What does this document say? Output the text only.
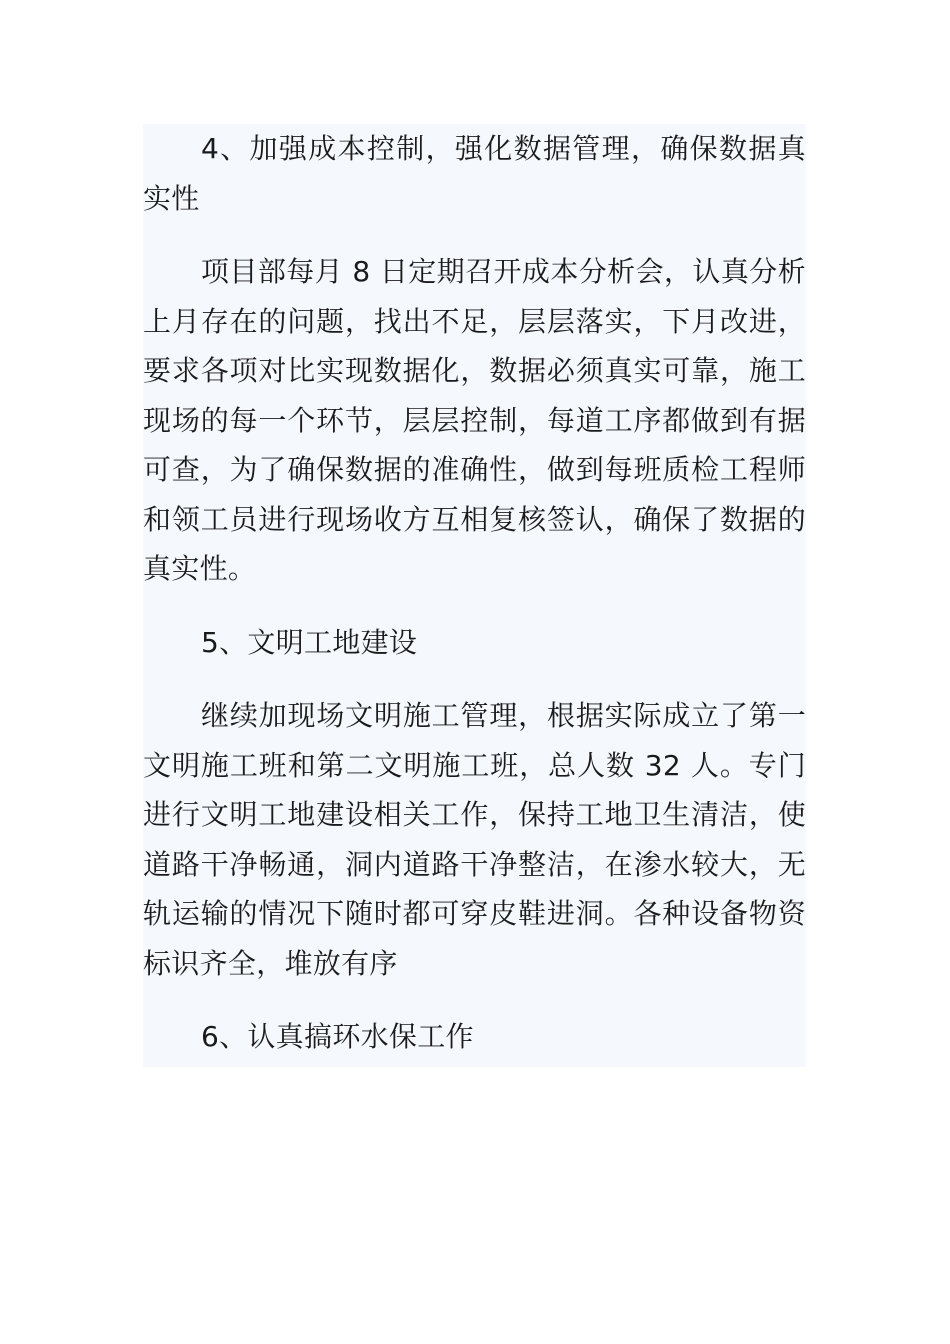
4、加强成本控制，强化数据管理，确保数据真实性

项目部每月 8 日定期召开成本分析会，认真分析上月存在的问题，找出不足，层层落实，下月改进，要求各项对比实现数据化，数据必须真实可靠，施工现场的每一个环节，层层控制，每道工序都做到有据可查，为了确保数据的准确性，做到每班质检工程师和领工员进行现场收方互相复核签认，确保了数据的真实性。

5、文明工地建设

继续加现场文明施工管理，根据实际成立了第一文明施工班和第二文明施工班，总人数 32 人。专门进行文明工地建设相关工作，保持工地卫生清洁，使道路干净畅通，洞内道路干净整洁，在渗水较大，无轨运输的情况下随时都可穿皮鞋进洞。各种设备物资标识齐全，堆放有序

6、认真搞环水保工作
